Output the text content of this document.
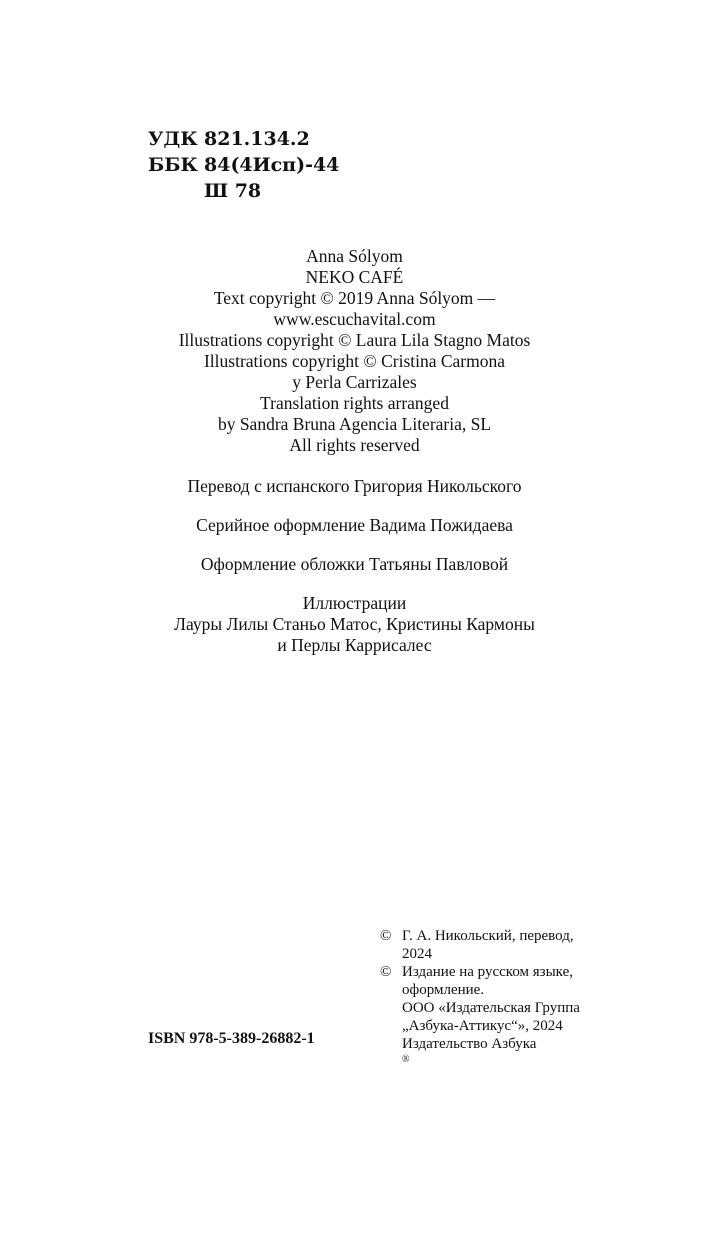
УДК 821.134.2
ББК 84(4Исп)-44
Ш 78
Anna Sólyom
NEKO CAFÉ
Text copyright © 2019 Anna Sólyom —
www.escuchavital.com
Illustrations copyright © Laura Lila Stagno Matos
Illustrations copyright © Cristina Carmona
y Perla Carrizales
Translation rights arranged
by Sandra Bruna Agencia Literaria, SL
All rights reserved
Перевод с испанского Григория Никольского
Серийное оформление Вадима Пожидаева
Оформление обложки Татьяны Павловой
Иллюстрации
Лауры Лилы Станьо Матос, Кристины Кармоны
и Перлы Каррисалес
© Г. А. Никольский, перевод,
2024
© Издание на русском языке,
оформление.
ООО «Издательская Группа
„Азбука-Аттикус“», 2024
Издательство Азбука
®
ISBN 978-5-389-26882-1
